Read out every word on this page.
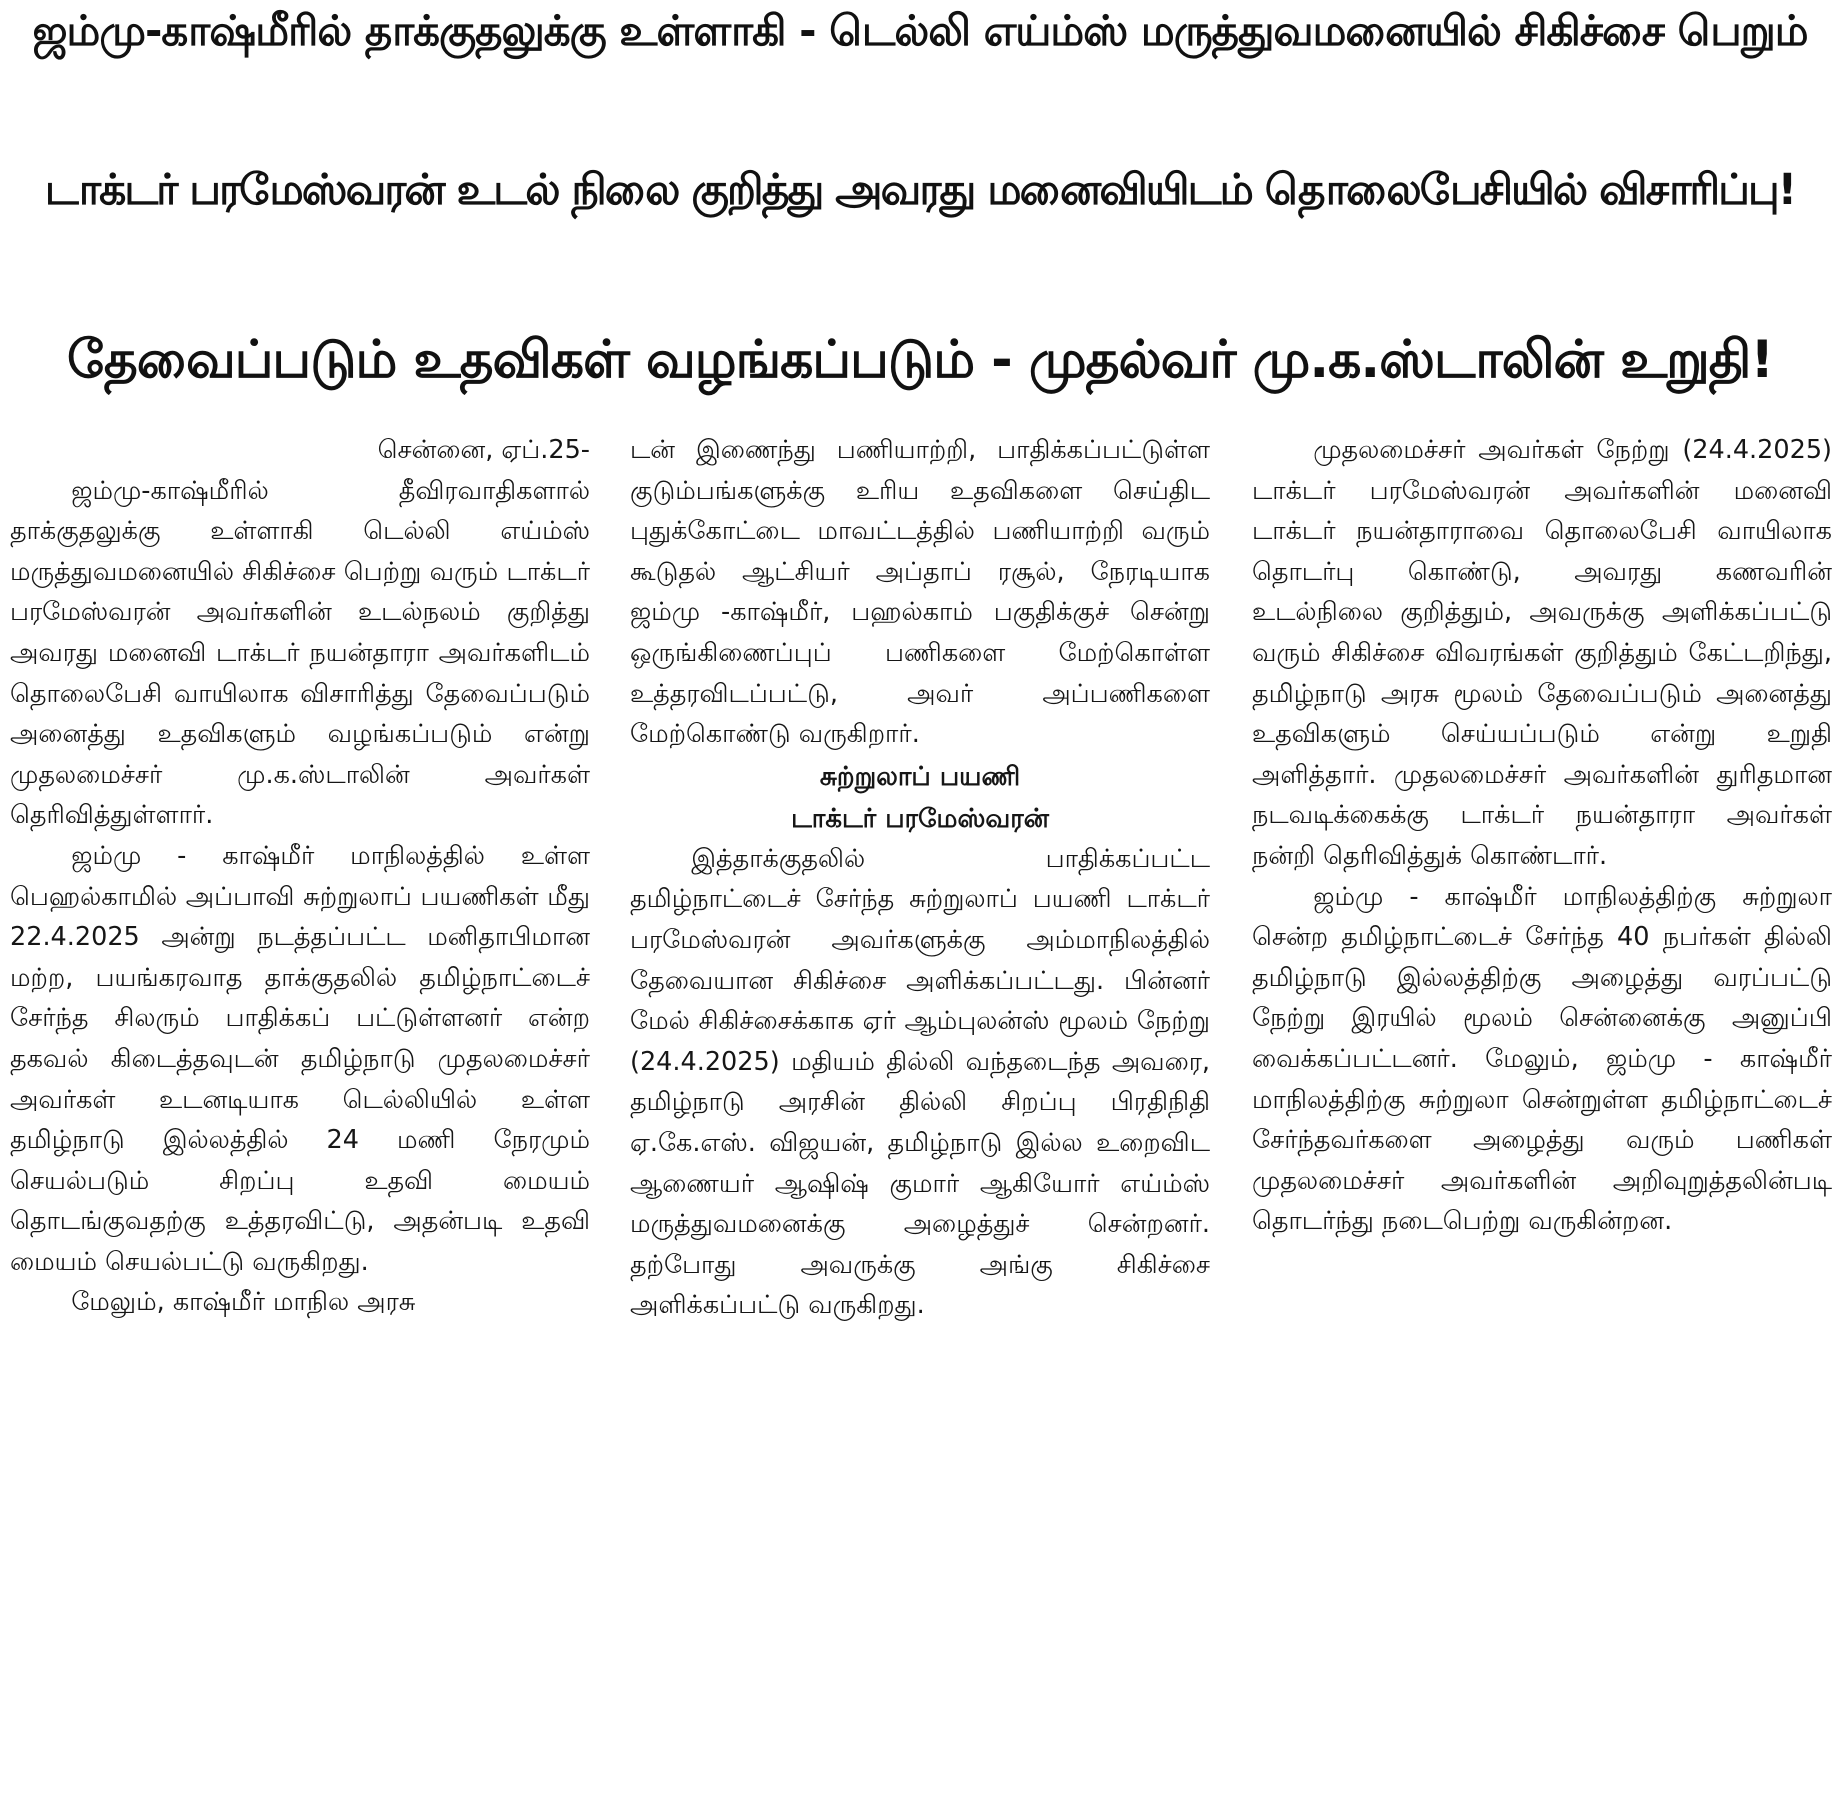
ஜம்மு-காஷ்மீரில் தாக்குதலுக்கு உள்ளாகி - டெல்லி எய்ம்ஸ் மருத்துவமனையில் சிகிச்சை பெறும்
டாக்டர் பரமேஸ்வரன் உடல் நிலை குறித்து அவரது மனைவியிடம் தொலைபேசியில் விசாரிப்பு!
தேவைப்படும் உதவிகள் வழங்கப்படும் - முதல்வர் மு.க.ஸ்டாலின் உறுதி!

சென்னை, ஏப்.25-

ஜம்மு-காஷ்மீரில் தீவிரவாதிகளால் தாக்குதலுக்கு உள்ளாகி டெல்லி எய்ம்ஸ் மருத்துவமனையில் சிகிச்சை பெற்று வரும் டாக்டர் பரமேஸ்வரன் அவர்களின் உடல்நலம் குறித்து அவரது மனைவி டாக்டர் நயன்தாரா அவர்களிடம் தொலைபேசி வாயிலாக விசாரித்து தேவைப்படும் அனைத்து உதவிகளும் வழங்கப்படும் என்று முதலமைச்சர் மு.க.ஸ்டாலின் அவர்கள் தெரிவித்துள்ளார்.

ஜம்மு - காஷ்மீர் மாநிலத்தில் உள்ள பெஹல்காமில் அப்பாவி சுற்றுலாப் பயணிகள் மீது 22.4.2025 அன்று நடத்தப்பட்ட மனிதாபிமான மற்ற, பயங்கரவாத தாக்குதலில் தமிழ்நாட்டைச் சேர்ந்த சிலரும் பாதிக்கப் பட்டுள்ளனர் என்ற தகவல் கிடைத்தவுடன் தமிழ்நாடு முதலமைச்சர் அவர்கள் உடனடியாக டெல்லியில் உள்ள தமிழ்நாடு இல்லத்தில் 24 மணி நேரமும் செயல்படும் சிறப்பு உதவி மையம் தொடங்குவதற்கு உத்தரவிட்டு, அதன்படி உதவி மையம் செயல்பட்டு வருகிறது.

மேலும், காஷ்மீர் மாநில அரசு

டன் இணைந்து பணியாற்றி, பாதிக்கப்பட்டுள்ள குடும்பங்களுக்கு உரிய உதவிகளை செய்திட புதுக்கோட்டை மாவட்டத்தில் பணியாற்றி வரும் கூடுதல் ஆட்சியர் அப்தாப் ரசூல், நேரடியாக ஜம்மு -காஷ்மீர், பஹல்காம் பகுதிக்குச் சென்று ஒருங்கிணைப்புப் பணிகளை மேற்கொள்ள உத்தரவிடப்பட்டு, அவர் அப்பணிகளை மேற்கொண்டு வருகிறார்.

சுற்றுலாப் பயணி
டாக்டர் பரமேஸ்வரன்

இத்தாக்குதலில் பாதிக்கப்பட்ட தமிழ்நாட்டைச் சேர்ந்த சுற்றுலாப் பயணி டாக்டர் பரமேஸ்வரன் அவர்களுக்கு அம்மாநிலத்தில் தேவையான சிகிச்சை அளிக்கப்பட்டது. பின்னர் மேல் சிகிச்சைக்காக ஏர் ஆம்புலன்ஸ் மூலம் நேற்று (24.4.2025) மதியம் தில்லி வந்தடைந்த அவரை, தமிழ்நாடு அரசின் தில்லி சிறப்பு பிரதிநிதி ஏ.கே.எஸ். விஜயன், தமிழ்நாடு இல்ல உறைவிட ஆணையர் ஆஷிஷ் குமார் ஆகியோர் எய்ம்ஸ் மருத்துவமனைக்கு அழைத்துச் சென்றனர். தற்போது அவருக்கு அங்கு சிகிச்சை அளிக்கப்பட்டு வருகிறது.

முதலமைச்சர் அவர்கள் நேற்று (24.4.2025) டாக்டர் பரமேஸ்வரன் அவர்களின் மனைவி டாக்டர் நயன்தாராவை தொலைபேசி வாயிலாக தொடர்பு கொண்டு, அவரது கணவரின் உடல்நிலை குறித்தும், அவருக்கு அளிக்கப்பட்டு வரும் சிகிச்சை விவரங்கள் குறித்தும் கேட்டறிந்து, தமிழ்நாடு அரசு மூலம் தேவைப்படும் அனைத்து உதவிகளும் செய்யப்படும் என்று உறுதி அளித்தார். முதலமைச்சர் அவர்களின் துரிதமான நடவடிக்கைக்கு டாக்டர் நயன்தாரா அவர்கள் நன்றி தெரிவித்துக் கொண்டார்.

ஜம்மு - காஷ்மீர் மாநிலத்திற்கு சுற்றுலா சென்ற தமிழ்நாட்டைச் சேர்ந்த 40 நபர்கள் தில்லி தமிழ்நாடு இல்லத்திற்கு அழைத்து வரப்பட்டு நேற்று இரயில் மூலம் சென்னைக்கு அனுப்பி வைக்கப்பட்டனர். மேலும், ஜம்மு - காஷ்மீர் மாநிலத்திற்கு சுற்றுலா சென்றுள்ள தமிழ்நாட்டைச் சேர்ந்தவர்களை அழைத்து வரும் பணிகள் முதலமைச்சர் அவர்களின் அறிவுறுத்தலின்படி தொடர்ந்து நடைபெற்று வருகின்றன.
